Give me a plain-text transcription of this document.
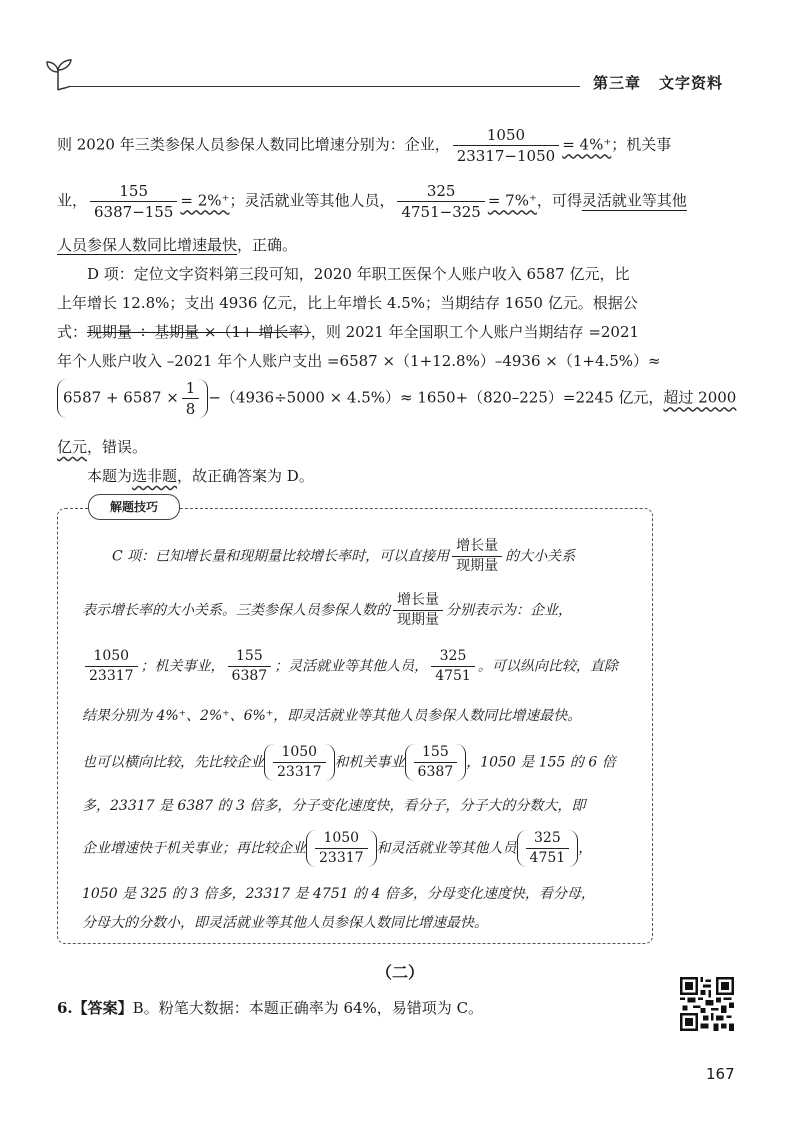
第三章 文字资料
则 2020 年三类参保人员参保人数同比增速分别为：企业， $\frac{1050}{23317-1050} = 4\%^+$；机关事
业， $\frac{155}{6387-155} = 2\%^+$；灵活就业等其他人员， $\frac{325}{4751-325} = 7\%^+$，可得灵活就业等其他
人员参保人数同比增速最快，正确。
D 项：定位文字资料第三段可知，2020 年职工医保个人账户收入 6587 亿元，比
上年增长 12.8%；支出 4936 亿元，比上年增长 4.5%；当期结存 1650 亿元。根据公
式：现期量 ÷ 基期量 ×（1+ 增长率），则 2021 年全国职工个人账户当期结存 =2021
年个人账户收入 –2021 年个人账户支出 =6587 ×（1+12.8%）–4936 ×（1+4.5%）≈
$6587 + 6587 \times \frac{1}{8} -(4936\div 5000 \times 4.5\%)\approx 1650+(820-225)=2245$ 亿元，超过 2000
亿元，错误。
本题为选非题，故正确答案为 D。
解题技巧
C 项：已知增长量和现期量比较增长率时，可以直接用 $\frac{\text{增长量}}{\text{现期量}}$ 的大小关系
表示增长率的大小关系。三类参保人员参保人数的 $\frac{\text{增长量}}{\text{现期量}}$ 分别表示为：企业，
$\frac{1050}{23317}$ ；机关事业， $\frac{155}{6387}$ ；灵活就业等其他人员， $\frac{325}{4751}$ 。可以纵向比较，直除
结果分别为 4%⁺、2%⁺、6%⁺，即灵活就业等其他人员参保人数同比增速最快。
也可以横向比较，先比较企业 $\frac{1050}{23317}$ 和机关事业 $\frac{155}{6387}$ ，1050 是 155 的 6 倍
多，23317 是 6387 的 3 倍多，分子变化速度快，看分子，分子大的分数大，即
企业增速快于机关事业；再比较企业 $\frac{1050}{23317}$ 和灵活就业等其他人员 $\frac{325}{4751}$ ，
1050 是 325 的 3 倍多，23317 是 4751 的 4 倍多，分母变化速度快，看分母，
分母大的分数小，即灵活就业等其他人员参保人数同比增速最快。
（二）
6.【答案】B。粉笔大数据：本题正确率为 64%，易错项为 C。
167
